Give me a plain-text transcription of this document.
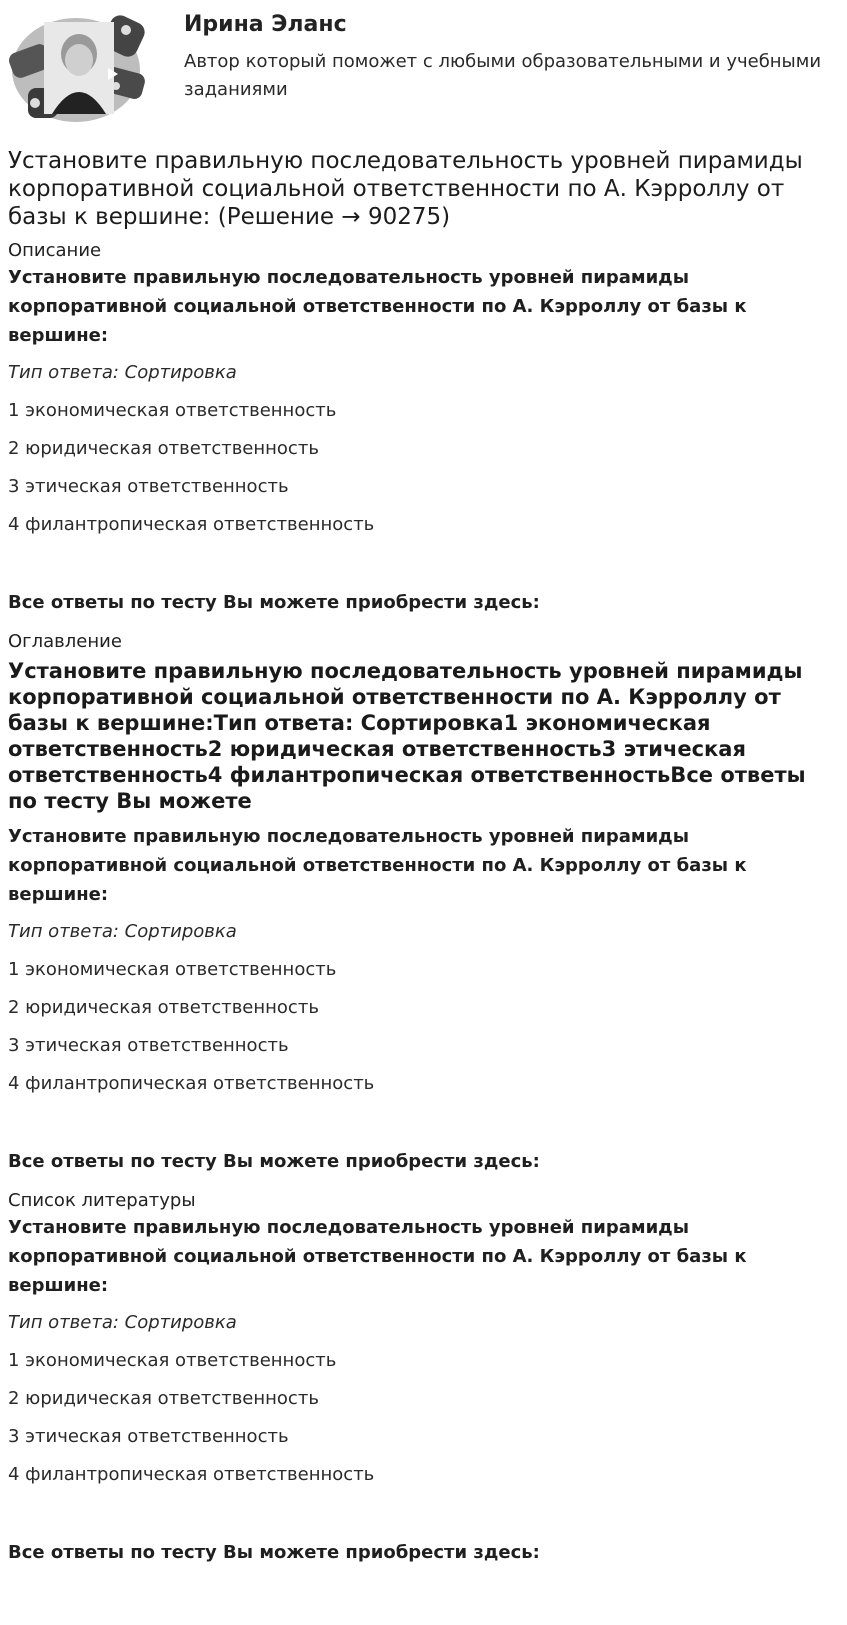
Ирина Эланс
Автор который поможет с любыми образовательными и учебными заданиями
Установите правильную последовательность уровней пирамиды корпоративной социальной ответственности по А. Кэрроллу от базы к вершине: (Решение → 90275)
Описание

Установите правильную последовательность уровней пирамиды корпоративной социальной ответственности по А. Кэрроллу от базы к вершине:

Тип ответа: Сортировка

1 экономическая ответственность

2 юридическая ответственность

3 этическая ответственность

4 филантропическая ответственность

Все ответы по тесту Вы можете приобрести здесь:

Оглавление
Установите правильную последовательность уровней пирамиды корпоративной социальной ответственности по А. Кэрроллу от базы к вершине:Тип ответа: Сортировка1 экономическая ответственность2 юридическая ответственность3 этическая ответственность4 филантропическая ответственностьВсе ответы по тесту Вы можете

Установите правильную последовательность уровней пирамиды корпоративной социальной ответственности по А. Кэрроллу от базы к вершине:

Тип ответа: Сортировка

1 экономическая ответственность

2 юридическая ответственность

3 этическая ответственность

4 филантропическая ответственность

Все ответы по тесту Вы можете приобрести здесь:

Список литературы

Установите правильную последовательность уровней пирамиды корпоративной социальной ответственности по А. Кэрроллу от базы к вершине:

Тип ответа: Сортировка

1 экономическая ответственность

2 юридическая ответственность

3 этическая ответственность

4 филантропическая ответственность

Все ответы по тесту Вы можете приобрести здесь:
